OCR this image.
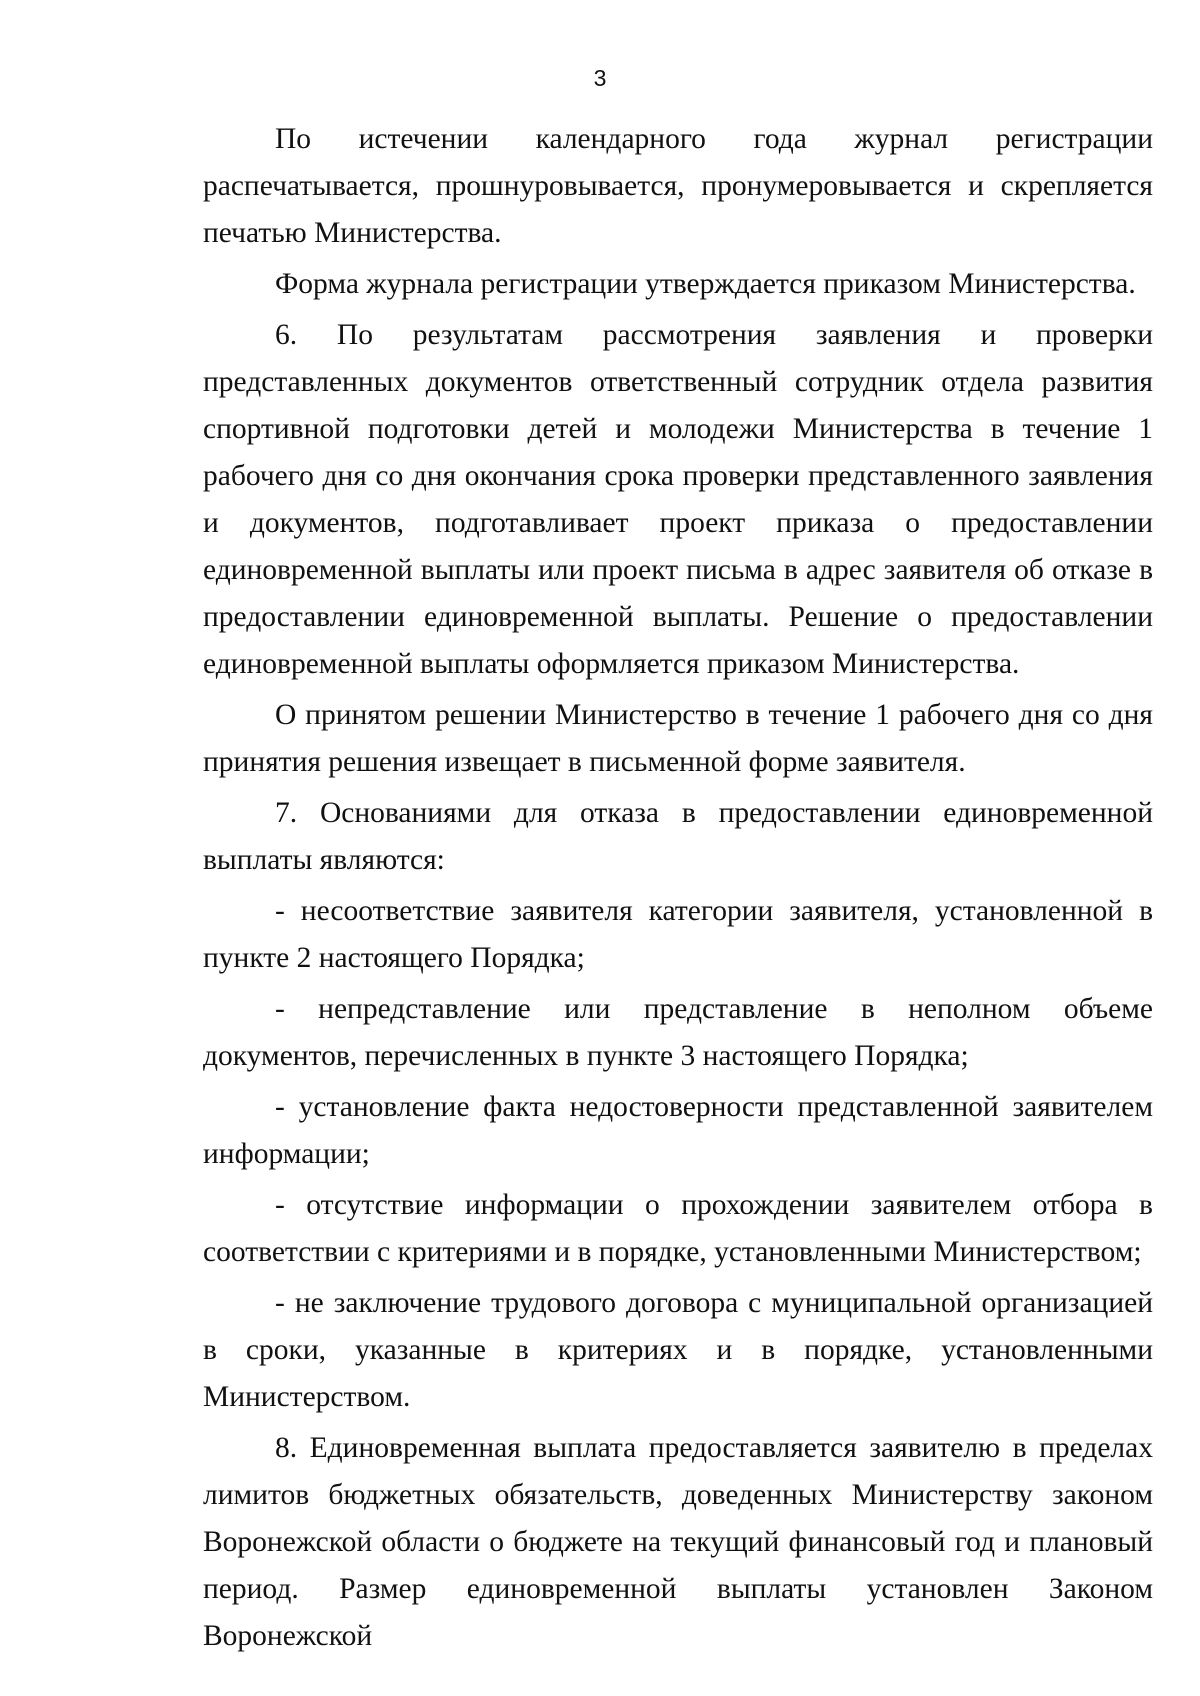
3

По истечении календарного года журнал регистрации распечатывается, прошнуровывается, пронумеровывается и скрепляется печатью Министерства.

Форма журнала регистрации утверждается приказом Министерства.

6. По результатам рассмотрения заявления и проверки представленных документов ответственный сотрудник отдела развития спортивной подготовки детей и молодежи Министерства в течение 1 рабочего дня со дня окончания срока проверки представленного заявления и документов, подготавливает проект приказа о предоставлении единовременной выплаты или проект письма в адрес заявителя об отказе в предоставлении единовременной выплаты. Решение о предоставлении единовременной выплаты оформляется приказом Министерства.

О принятом решении Министерство в течение 1 рабочего дня со дня принятия решения извещает в письменной форме заявителя.

7. Основаниями для отказа в предоставлении единовременной выплаты являются:

- несоответствие заявителя категории заявителя, установленной в пункте 2 настоящего Порядка;

- непредставление или представление в неполном объеме документов, перечисленных в пункте 3 настоящего Порядка;

- установление факта недостоверности представленной заявителем информации;

- отсутствие информации о прохождении заявителем отбора в соответствии с критериями и в порядке, установленными Министерством;

- не заключение трудового договора с муниципальной организацией в сроки, указанные в критериях и в порядке, установленными Министерством.

8. Единовременная выплата предоставляется заявителю в пределах лимитов бюджетных обязательств, доведенных Министерству законом Воронежской области о бюджете на текущий финансовый год и плановый период. Размер единовременной выплаты установлен Законом Воронежской
